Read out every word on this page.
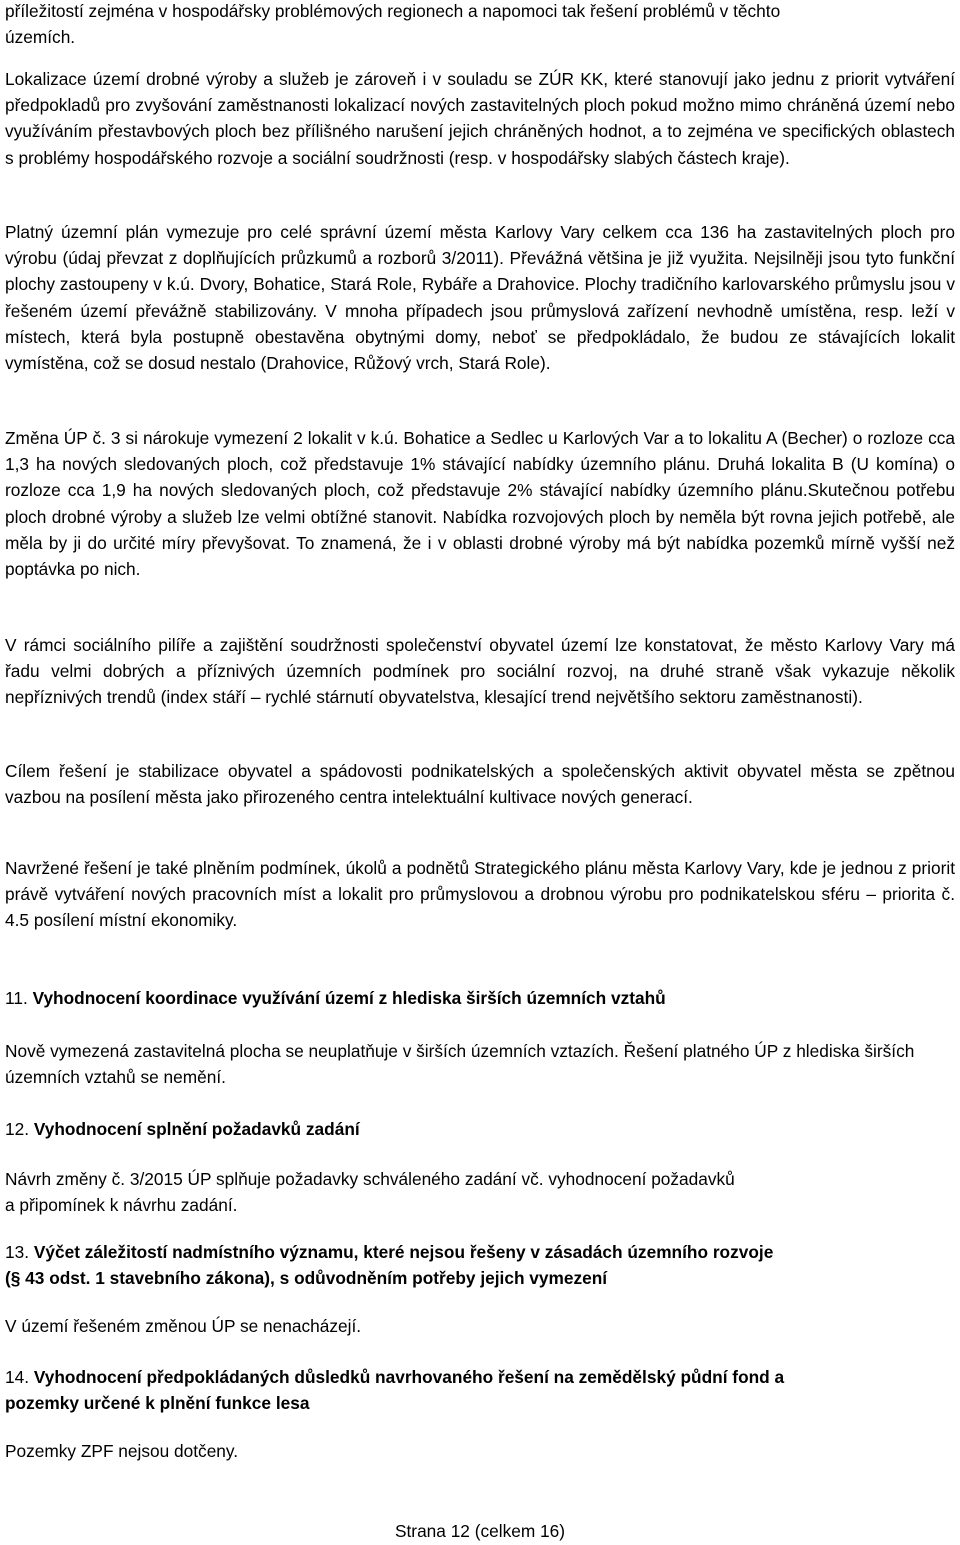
příležitostí zejména v hospodářsky problémových regionech a napomoci tak řešení problémů v těchto
územích.

Lokalizace území drobné výroby a služeb je zároveň i v souladu se ZÚR KK, které stanovují jako jednu z priorit vytváření předpokladů pro zvyšování zaměstnanosti lokalizací nových zastavitelných ploch pokud možno mimo chráněná území nebo využíváním přestavbových ploch bez přílišného narušení jejich chráněných hodnot, a to zejména ve specifických oblastech s problémy hospodářského rozvoje a sociální soudržnosti (resp. v hospodářsky slabých částech kraje).

Platný územní plán vymezuje pro celé správní území města Karlovy Vary celkem cca 136 ha zastavitelných ploch pro výrobu (údaj převzat z doplňujících průzkumů a rozborů 3/2011). Převážná většina je již využita. Nejsilněji jsou tyto funkční plochy zastoupeny v k.ú. Dvory, Bohatice, Stará Role, Rybáře a Drahovice. Plochy tradičního karlovarského průmyslu jsou v řešeném území převážně stabilizovány. V mnoha případech jsou průmyslová zařízení nevhodně umístěna, resp. leží v místech, která byla postupně obestavěna obytnými domy, neboť se předpokládalo, že budou ze stávajících lokalit vymístěna, což se dosud nestalo (Drahovice, Růžový vrch, Stará Role).

Změna ÚP č. 3 si nárokuje vymezení 2 lokalit v k.ú. Bohatice a Sedlec u Karlových Var a to lokalitu A (Becher) o rozloze cca 1,3 ha nových sledovaných ploch, což představuje 1% stávající nabídky územního plánu. Druhá lokalita B (U komína) o rozloze cca 1,9 ha nových sledovaných ploch, což představuje 2% stávající nabídky územního plánu.Skutečnou potřebu ploch drobné výroby a služeb lze velmi obtížné stanovit. Nabídka rozvojových ploch by neměla být rovna jejich potřebě, ale měla by ji do určité míry převyšovat. To znamená, že i v oblasti drobné výroby má být nabídka pozemků mírně vyšší než poptávka po nich.

V rámci sociálního pilíře a zajištění soudržnosti společenství obyvatel území lze konstatovat, že město Karlovy Vary má řadu velmi dobrých a příznivých územních podmínek pro sociální rozvoj, na druhé straně však vykazuje několik nepříznivých trendů (index stáří – rychlé stárnutí obyvatelstva, klesající trend největšího sektoru zaměstnanosti).

Cílem řešení je stabilizace obyvatel a spádovosti podnikatelských a společenských aktivit obyvatel města se zpětnou vazbou na posílení města jako přirozeného centra intelektuální kultivace nových generací.

Navržené řešení je také plněním podmínek, úkolů a podnětů Strategického plánu města Karlovy Vary, kde je jednou z priorit právě vytváření nových pracovních míst a lokalit pro průmyslovou a drobnou výrobu pro podnikatelskou sféru – priorita č. 4.5 posílení místní ekonomiky.

11. Vyhodnocení koordinace využívání území z hlediska širších územních vztahů

Nově vymezená zastavitelná plocha se neuplatňuje v širších územních vztazích. Řešení platného ÚP z hlediska širších územních vztahů se nemění.

12. Vyhodnocení splnění požadavků zadání

Návrh změny č. 3/2015 ÚP splňuje požadavky schváleného zadání vč. vyhodnocení požadavků
a připomínek k návrhu zadání.

13. Výčet záležitostí nadmístního významu, které nejsou řešeny v zásadách územního rozvoje
(§ 43 odst. 1 stavebního zákona), s odůvodněním potřeby jejich vymezení

V území řešeném změnou ÚP se nenacházejí.

14. Vyhodnocení předpokládaných důsledků navrhovaného řešení na zemědělský půdní fond a
pozemky určené k plnění funkce lesa

Pozemky ZPF nejsou dotčeny.

Strana 12 (celkem 16)
